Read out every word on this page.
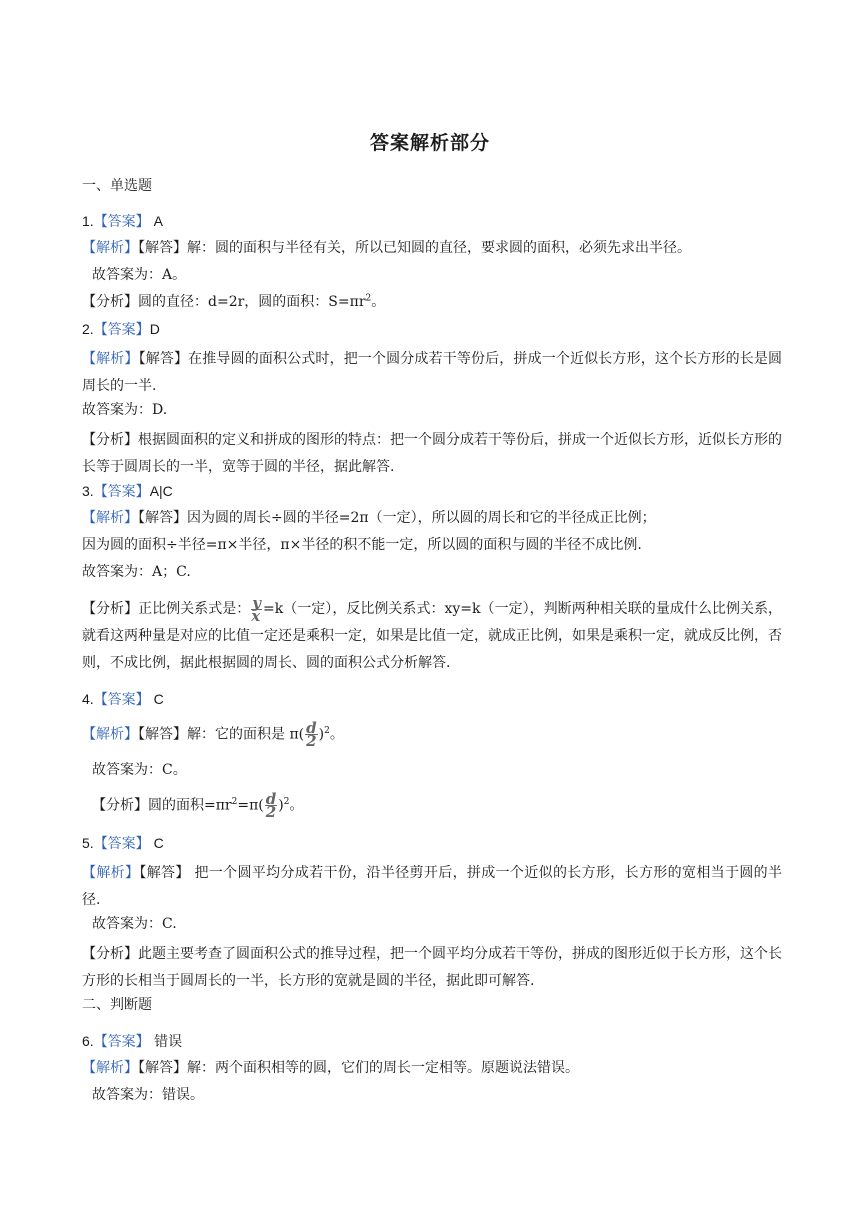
答案解析部分
一、单选题
1.【答案】 A
【解析】【解答】解：圆的面积与半径有关，所以已知圆的直径，要求圆的面积，必须先求出半径。
故答案为：A。
【分析】圆的直径：d=2r，圆的面积：$S=\pi r^2$。
2.【答案】D
【解析】【解答】在推导圆的面积公式时，把一个圆分成若干等份后，拼成一个近似长方形，这个长方形的长是圆周长的一半.
故答案为：D.
【分析】根据圆面积的定义和拼成的图形的特点：把一个圆分成若干等份后，拼成一个近似长方形，近似长方形的长等于圆周长的一半，宽等于圆的半径，据此解答.
3.【答案】A|C
【解析】【解答】因为圆的周长÷圆的半径=2π（一定），所以圆的周长和它的半径成正比例；
因为圆的面积÷半径=π×半径，π×半径的积不能一定，所以圆的面积与圆的半径不成比例.
故答案为：A；C.
【分析】正比例关系式是： $\frac{y}{x} =k$（一定），反比例关系式：xy=k（一定），判断两种相关联的量成什么比例关系，就看这两种量是对应的比值一定还是乘积一定，如果是比值一定，就成正比例，如果是乘积一定，就成反比例，否则，不成比例，据此根据圆的周长、圆的面积公式分析解答.
4.【答案】 C
【解析】【解答】解：它的面积是 $\pi( \frac{d}{2} )^2$。
故答案为：C。
【分析】圆的面积$=\pi r^2=\pi( \frac{d}{2} )^2$。
5.【答案】 C
【解析】【解答】 把一个圆平均分成若干份，沿半径剪开后，拼成一个近似的长方形，长方形的宽相当于圆的半径.
故答案为：C.
【分析】此题主要考查了圆面积公式的推导过程，把一个圆平均分成若干等份，拼成的图形近似于长方形，这个长方形的长相当于圆周长的一半，长方形的宽就是圆的半径，据此即可解答.
二、判断题
6.【答案】 错误
【解析】【解答】解：两个面积相等的圆，它们的周长一定相等。原题说法错误。
故答案为：错误。
